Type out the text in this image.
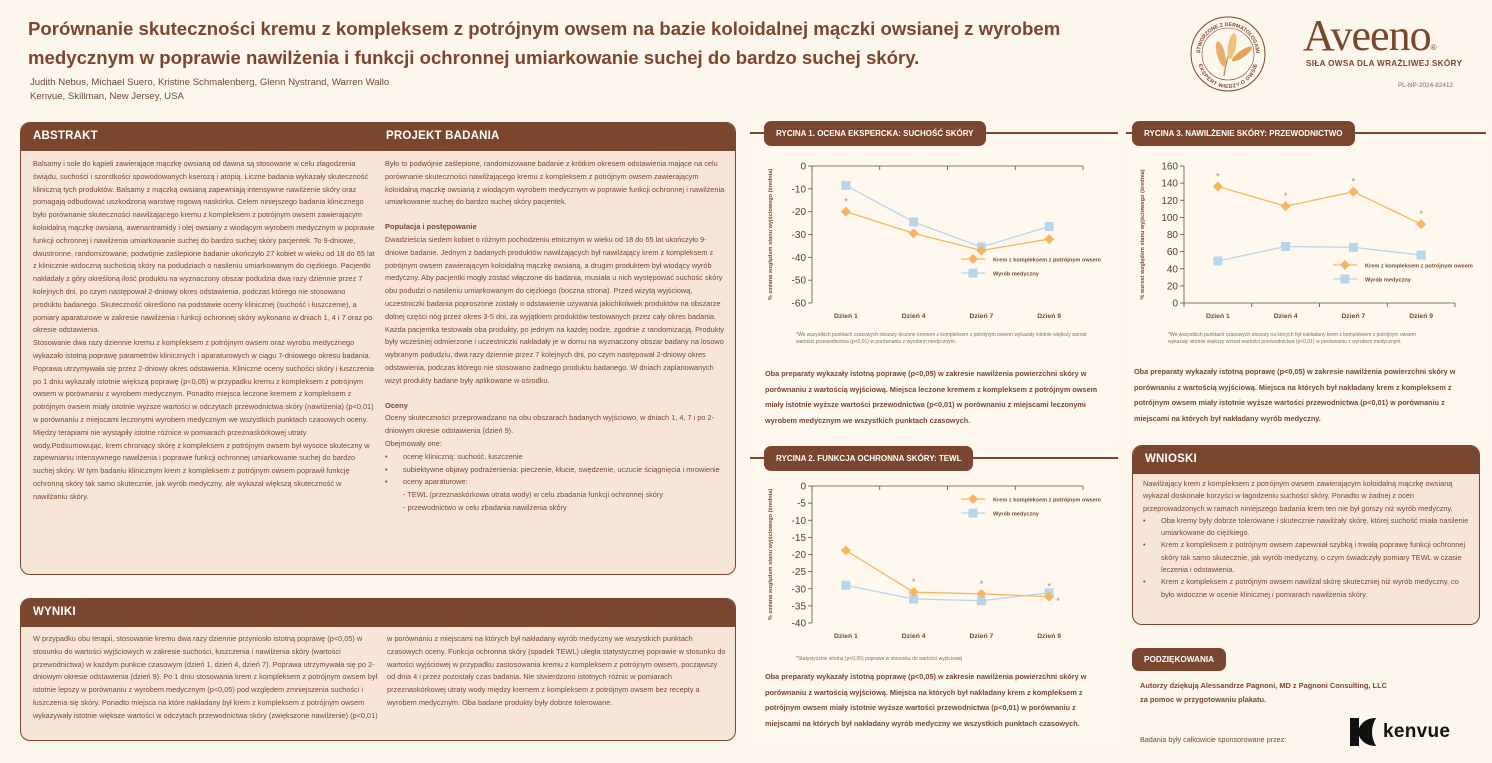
Porównanie skuteczności kremu z kompleksem z potrójnym owsem na bazie koloidalnej mączki owsianej z wyrobem medycznym w poprawie nawilżenia i funkcji ochronnej umiarkowanie suchej do bardzo suchej skóry.
Judith Nebus, Michael Suero, Kristine Schmalenberg, Glenn Nystrand, Warren Wallo
Kenvue, Skillman, New Jersey, USA
STWORZONE Z DERMATOLOGAMI
EKSPERT WIEDZY O OWSIE
Aveeno®
SIŁA OWSA DLA WRAŻLIWEJ SKÓRY
PL-NP-2024-82412
ABSTRAKT	PROJEKT BADANIA

Balsamy i sole do kąpieli zawierające mączkę owsianą od dawna są stosowane w celu złagodzenia świądu, suchości i szorstkości spowodowanych kserozą i atopią. Liczne badania wykazały skuteczność kliniczną tych produktów. Balsamy z mączką owsianą zapewniają intensywne nawilżenie skóry oraz pomagają odbudować uszkodzoną warstwę rogową naskórka. Celem niniejszego badania klinicznego było porównanie skuteczności nawilżającego kremu z kompleksem z potrójnym owsem zawierającym koloidalną mączkę owsianą, awenantramidy i olej owsiany z wiodącym wyrobem medycznym w poprawie funkcji ochronnej i nawilżenia umiarkowanie suchej do bardzo suchej skóry pacjentek. To 9-dniowe, dwustronne, randomizowane, podwójnie zaślepione badanie ukończyło 27 kobiet w wieku od 18 do 65 lat z klinicznie widoczną suchością skóry na podudziach o nasileniu umiarkowanym do ciężkiego. Pacjentki nakładały z góry określoną ilość produktu na wyznaczony obszar podudzia dwa razy dziennie przez 7 kolejnych dni, po czym następował 2-dniowy okres odstawienia, podczas którego nie stosowano produktu badanego. Skuteczność określono na podstawie oceny klinicznej (suchość i łuszczenie), a pomiary aparaturowe w zakresie nawilżenia i funkcji ochronnej skóry wykonano w dniach 1, 4 i 7 oraz po okresie odstawienia.

Stosowanie dwa razy dziennie kremu z kompleksem z potrójnym owsem oraz wyrobu medycznego wykazało istotną poprawę parametrów klinicznych i aparaturowych w ciągu 7-dniowego okresu badania. Poprawa utrzymywała się przez 2-dniowy okres odstawienia. Kliniczne oceny suchości skóry i łuszczenia po 1 dniu wykazały istotnie większą poprawę (p<0,05) w przypadku kremu z kompleksem z potrójnym owsem w porównaniu z wyrobem medycznym. Ponadto miejsca leczone kremem z kompleksem z potrójnym owsem miały istotnie wyższe wartości w odczytach przewodnictwa skóry (nawilżenia) (p<0,01) w porównaniu z miejscami leczonymi wyrobem medycznym we wszystkich punktach czasowych oceny. Między terapiami nie wystąpiły istotne różnice w pomiarach przeznaskórkowej utraty wody.Podsumowując, krem chroniący skórę z kompleksem z potrójnym owsem był wysoce skuteczny w zapewnianiu intensywnego nawilżenia i poprawie funkcji ochronnej umiarkowanie suchej do bardzo suchej skóry. W tym badaniu klinicznym krem z kompleksem z potrójnym owsem poprawił funkcję ochronną skóry tak samo skutecznie, jak wyrób medyczny, ale wykazał większą skuteczność w nawilżaniu skóry.

Było to podwójnie zaślepione, randomizowane badanie z krótkim okresem odstawienia mające na celu porównanie skuteczności nawilżającego kremu z kompleksem z potrójnym owsem zawierającym koloidalną mączkę owsianą z wiodącym wyrobem medycznym w poprawie funkcji ochronnej i nawilżenia umiarkowanie suchej do bardzo suchej skóry pacjentek.

Populacja i postępowanie

Dwadzieścia siedem kobiet o różnym pochodzeniu etnicznym w wieku od 18 do 65 lat ukończyło 9-dniowe badanie. Jednym z badanych produktów nawilżających był nawilżający krem z kompleksem z potrójnym owsem zawierającym koloidalną mączkę owsianą, a drugim produktem był wiodący wyrób medyczny. Aby pacjentki mogły zostać włączone do badania, musiała u nich występować suchość skóry obu podudzi o nasileniu umiarkowanym do ciężkiego (boczna strona). Przed wizytą wyjściową, uczestniczki badania poproszone zostały o odstawienie używania jakichkolwiek produktów na obszarze dolnej części nóg przez okres 3-5 dni, za wyjątkiem produktów testowanych przez cały okres badania.

Każda pacjentka testowała oba produkty, po jednym na każdej nodze, zgodnie z randomizacją. Produkty były wcześniej odmierzone i uczestniczki nakładały je w domu na wyznaczony obszar badany na losowo wybranym podudziu, dwa razy dziennie przez 7 kolejnych dni, po czym następował 2-dniowy okres odstawienia, podczas którego nie stosowano żadnego produktu badanego. W dniach zaplanowanych wizyt produkty badane były aplikowane w ośrodku.

Oceny

Oceny skuteczności przeprowadzano na obu obszarach badanych wyjściowo, w dniach 1, 4, 7 i po 2-dniowym okresie odstawienia (dzień 9).

Obejmowały one:

• ocenę kliniczną: suchość, łuszczenie
• subiektywne objawy podrażenienia: pieczenie, kłucie, swędzenie, uczucie ściągnięcia i mrowienie
• oceny aparaturowe:
- TEWL (przeznaskórkowa utrata wody) w celu zbadania funkcji ochronnej skóry
- przewodnictwo w celu zbadania nawilżenia skóry
WYNIKI
W przypadku obu terapii, stosowanie kremu dwa razy dziennie przyniosło istotną poprawę (p<0,05) w stosunku do wartości wyjściowych w zakresie suchości, łuszczenia i nawilżenia skóry (wartości przewodnictwa) w każdym punkcie czasowym (dzień 1, dzień 4, dzień 7). Poprawa utrzymywała się po 2-dniowym okresie odstawienia (dzień 9). Po 1 dniu stosowania krem z kompleksem z potrójnym owsem był istotnie lepszy w porównaniu z wyrobem medycznym (p<0,05) pod względem zmniejszenia suchości i łuszczenia się skóry. Ponadto miejsca na które nakładany był krem z kompleksem z potrójnym owsem wykazywały istotnie większe wartości w odczytach przewodnictwa skóry (zwiększone nawilżenie) (p<0,01)
w porównaniu z miejscami na których był nakładany wyrób medyczny we wszystkich punktach czasowych oceny. Funkcja ochronna skóry (spadek TEWL) uległa statystycznej poprawie w stosunku do wartości wyjściowej w przypadku zastosowania kremu z kompleksem z potrójnym owsem, począwszy od dnia 4 i przez pozostały czas badania. Nie stwierdzono istotnych różnic w pomiarach przeznaskórkowej utraty wody między kremem z kompleksem z potrójnym owsem bez recepty a wyrobem medycznym. Oba badane produkty były dobrze tolerowane.
RYCINA 1. OCENA EKSPERCKA: SUCHOŚĆ SKÓRY
% zmiana względem stanu wyjściowego (średnia)
0
-10
-20
-30
-40
-50
-60
Dzień 1	Dzień 4	Dzień 7	Dzień 9
*
Krem z kompleksem z potrójnym owsem
Wyrób medyczny
*We wszystkich punktach czasowych obszary leczone kremem z kompleksem z potrójnym owsem wykazały istotnie większy wzrost wartości przewodnictwa (p<0,01) w porównaniu z wyrobem medycznym.
Oba preparaty wykazały istotną poprawę (p<0,05) w zakresie nawilżenia powierzchni skóry w porównaniu z wartością wyjściową. Miejsca leczone kremem z kompleksem z potrójnym owsem miały istotnie wyższe wartości przewodnictwa (p<0,01) w porównaniu z miejscami leczonymi wyrobem medycznym we wszystkich punktach czasowych.
RYCINA 2. FUNKCJA OCHRONNA SKÓRY: TEWL
% zmiana względem stanu wyjściowego (średnia)
0
-5
-10
-15
-20
-25
-30
-35
-40
Dzień 1	Dzień 4	Dzień 7	Dzień 9
*
*	*	*
Krem z kompleksem z potrójnym owsem
Wyrób medyczny
*Statystycznie istotna (p<0,05) poprawa w stosunku do wartości wyjściowej
Oba preparaty wykazały istotną poprawę (p<0,05) w zakresie nawilżenia powierzchni skóry w porównaniu z wartością wyjściową. Miejsca na których był nakładany krem z kompleksem z potrójnym owsem miały istotnie wyższe wartości przewodnictwa (p<0,01) w porównaniu z miejscami na których był nakładany wyrób medyczny we wszystkich punktach czasowych.
RYCINA 3. NAWILŻENIE SKÓRY: PRZEWODNICTWO
% wzrost względem stanu wyjściowego (średnia)
0
20
40
60
80
100
120
140
160
Dzień 1	Dzień 4	Dzień 7	Dzień 9
*
*
*
*
Krem z kompleksem z potrójnym owsem
Wyrób medyczny
*We wszystkich punktach czasowych obszary na których był nakładany krem z kompleksem z potrójnym owsem wykazały istotnie większy wzrost wartości przewodnictwa (p<0,01) w porównaniu z wyrobem medycznym.
Oba preparaty wykazały istotną poprawę (p<0,05) w zakresie nawilżenia powierzchni skóry w porównaniu z wartością wyjściową. Miejsca na których był nakładany krem z kompleksem z potrójnym owsem miały istotnie wyższe wartości przewodnictwa (p<0,01) w porównaniu z miejscami na których był nakładany wyrób medyczny.
WNIOSKI

Nawilżający krem z kompleksem z potrójnym owsem zawierającym koloidalną mączkę owsianą wykazał doskonałe korzyści w łagodzeniu suchości skóry. Ponadto w żadnej z ocen przeprowadzonych w ramach niniejszego badania krem ten nie był gorszy niż wyrób medyczny.

• Oba kremy były dobrze tolerowane i skutecznie nawilżały skórę, której suchość miała nasilenie umiarkowane do ciężkiego.
• Krem z kompleksem z potrójnym owsem zapewniał szybką i trwałą poprawę funkcji ochronnej skóry tak samo skutecznie, jak wyrób medyczny, o czym świadczyły pomiary TEWL w czasie leczenia i odstawienia.
• Krem z kompleksem z potrójnym owsem nawilżał skórę skuteczniej niż wyrób medyczny, co było widoczne w ocenie klinicznej i pomiarach nawilżenia skóry.
PODZIĘKOWANIA
Autorzy dziękują Alessandrze Pagnoni, MD z Pagnoni Consulting, LLC za pomoc w przygotowaniu plakatu.
Badania były całkowicie sponsorowane przez:	kenvue
